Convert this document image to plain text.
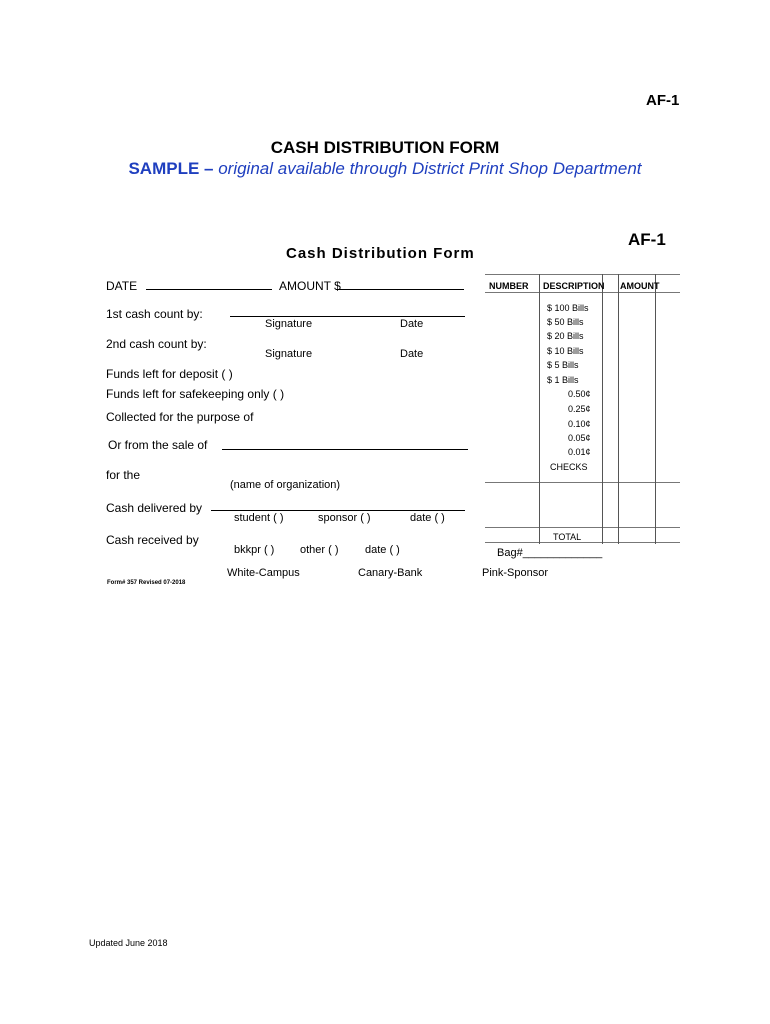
AF-1
CASH DISTRIBUTION FORM
SAMPLE – original available through District Print Shop Department
Cash Distribution Form
AF-1
DATE	AMOUNT $
1st cash count by:
Signature	Date
2nd cash count by:
Signature	Date
Funds left for deposit ( )
Funds left for safekeeping only ( )
Collected for the purpose of
Or from the sale of
for the
(name of organization)
Cash delivered by
student ( )	sponsor ( )	date ( )
Cash received by
bkkpr ( ) other ( ) date ( )
White-Campus	Canary-Bank	Pink-Sponsor
Form# 357 Revised 07-2018
Bag#_____________
NUMBER DESCRIPTION AMOUNT
$ 100 Bills
$ 50 Bills
$ 20 Bills
$ 10 Bills
$ 5 Bills
$ 1 Bills
0.50¢
0.25¢
0.10¢
0.05¢
0.01¢
CHECKS
TOTAL
Updated June 2018
